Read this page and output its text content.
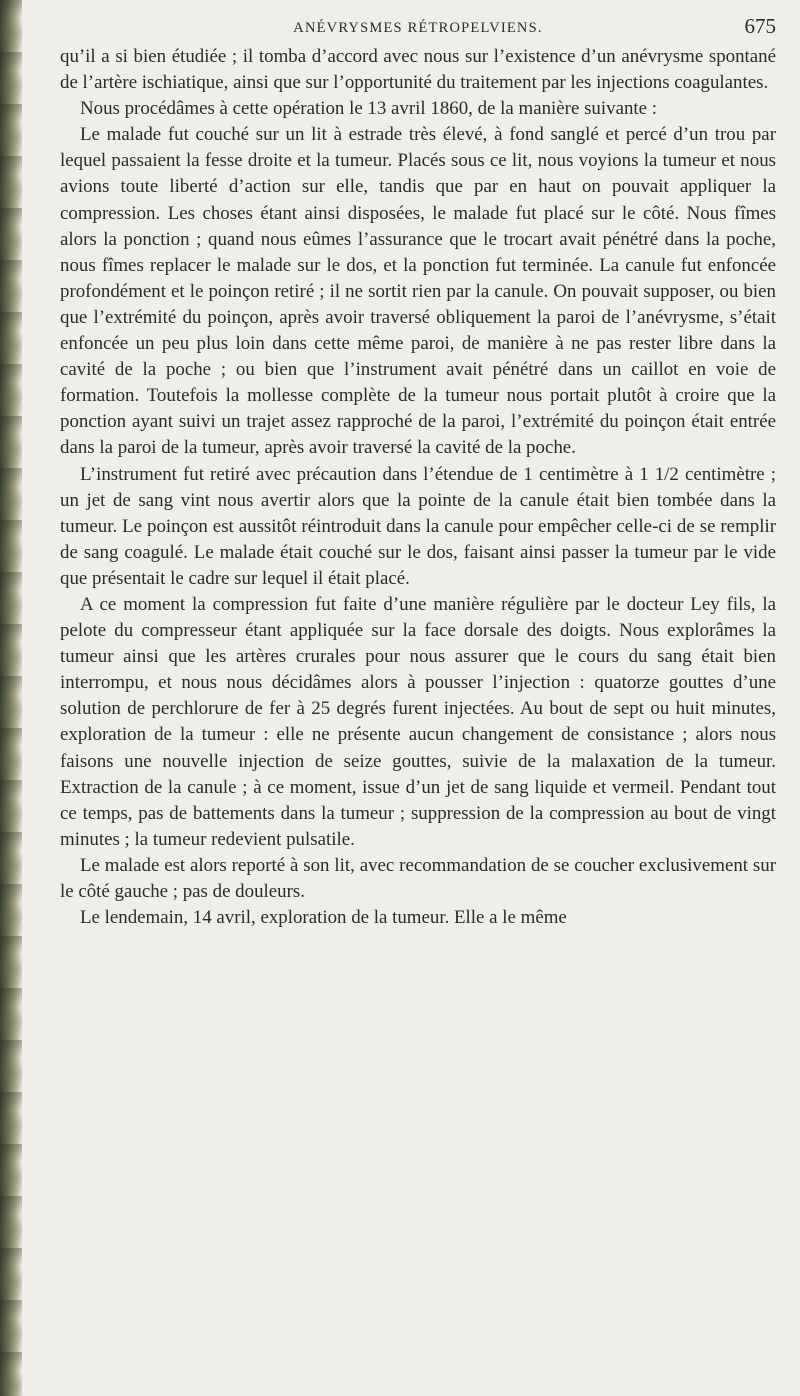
ANÉVRYSMES RÉTROPELVIENS.	675

qu’il a si bien étudiée ; il tomba d’accord avec nous sur l’existence d’un anévrysme spontané de l’artère ischiatique, ainsi que sur l’opportunité du traitement par les injections coagulantes.

Nous procédâmes à cette opération le 13 avril 1860, de la manière suivante :

Le malade fut couché sur un lit à estrade très élevé, à fond sanglé et percé d’un trou par lequel passaient la fesse droite et la tumeur. Placés sous ce lit, nous voyions la tumeur et nous avions toute liberté d’action sur elle, tandis que par en haut on pouvait appliquer la compression. Les choses étant ainsi disposées, le malade fut placé sur le côté. Nous fîmes alors la ponction ; quand nous eûmes l’assurance que le trocart avait pénétré dans la poche, nous fîmes replacer le malade sur le dos, et la ponction fut terminée. La canule fut enfoncée profondément et le poinçon retiré ; il ne sortit rien par la canule. On pouvait supposer, ou bien que l’extrémité du poinçon, après avoir traversé obliquement la paroi de l’anévrysme, s’était enfoncée un peu plus loin dans cette même paroi, de manière à ne pas rester libre dans la cavité de la poche ; ou bien que l’instrument avait pénétré dans un caillot en voie de formation. Toutefois la mollesse complète de la tumeur nous portait plutôt à croire que la ponction ayant suivi un trajet assez rapproché de la paroi, l’extrémité du poinçon était entrée dans la paroi de la tumeur, après avoir traversé la cavité de la poche.

L’instrument fut retiré avec précaution dans l’étendue de 1 centimètre à 1 1/2 centimètre ; un jet de sang vint nous avertir alors que la pointe de la canule était bien tombée dans la tumeur. Le poinçon est aussitôt réintroduit dans la canule pour empêcher celle-ci de se remplir de sang coagulé. Le malade était couché sur le dos, faisant ainsi passer la tumeur par le vide que présentait le cadre sur lequel il était placé.

A ce moment la compression fut faite d’une manière régulière par le docteur Ley fils, la pelote du compresseur étant appliquée sur la face dorsale des doigts. Nous explorâmes la tumeur ainsi que les artères crurales pour nous assurer que le cours du sang était bien interrompu, et nous nous décidâmes alors à pousser l’injection : quatorze gouttes d’une solution de perchlorure de fer à 25 degrés furent injectées. Au bout de sept ou huit minutes, exploration de la tumeur : elle ne présente aucun changement de consistance ; alors nous faisons une nouvelle injection de seize gouttes, suivie de la malaxation de la tumeur. Extraction de la canule ; à ce moment, issue d’un jet de sang liquide et vermeil. Pendant tout ce temps, pas de battements dans la tumeur ; suppression de la compression au bout de vingt minutes ; la tumeur redevient pulsatile.

Le malade est alors reporté à son lit, avec recommandation de se coucher exclusivement sur le côté gauche ; pas de douleurs.

Le lendemain, 14 avril, exploration de la tumeur. Elle a le même
